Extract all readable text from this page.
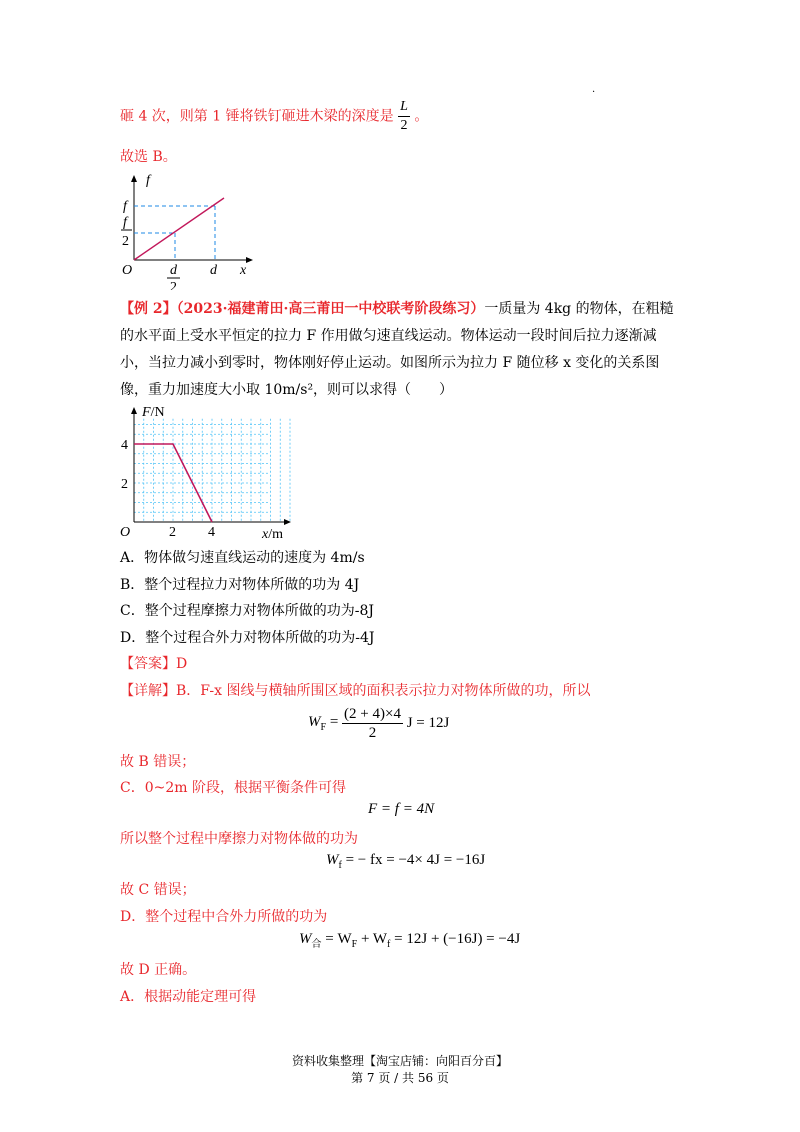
.
砸 4 次，则第 1 锤将铁钉砸进木梁的深度是 $\frac{L}{2}$ 。
故选 B。
f
x
O
f
f
2
d
2
d
【例 2】（2023·福建莆田·高三莆田一中校联考阶段练习）一质量为 4kg 的物体，在粗糙的水平面上受水平恒定的拉力 F 作用做匀速直线运动。物体运动一段时间后拉力逐渐减小，当拉力减小到零时，物体刚好停止运动。如图所示为拉力 F 随位移 x 变化的关系图像，重力加速度大小取 10m/s²，则可以求得（　　）
2 4
2
4
F/N
x/m
O
A．物体做匀速直线运动的速度为 4m/s
B．整个过程拉力对物体所做的功为 4J
C．整个过程摩擦力对物体所做的功为-8J
D．整个过程合外力对物体所做的功为-4J
【答案】D
【详解】B．F-x 图线与横轴所围区域的面积表示拉力对物体所做的功，所以
$W_F = \frac{(2 + 4)\times 4}{2}$ J = 12J
故 B 错误；
C．0~2m 阶段，根据平衡条件可得
F = f = 4N
所以整个过程中摩擦力对物体做的功为
$W_f$ = − fx = −4× 4J = −16J
故 C 错误；
D．整个过程中合外力所做的功为
$W_合 = W_F + W_f = 12J + (-16J) = -4J$
故 D 正确。
A．根据动能定理可得
资料收集整理【淘宝店铺：向阳百分百】
第 7 页 / 共 56 页
